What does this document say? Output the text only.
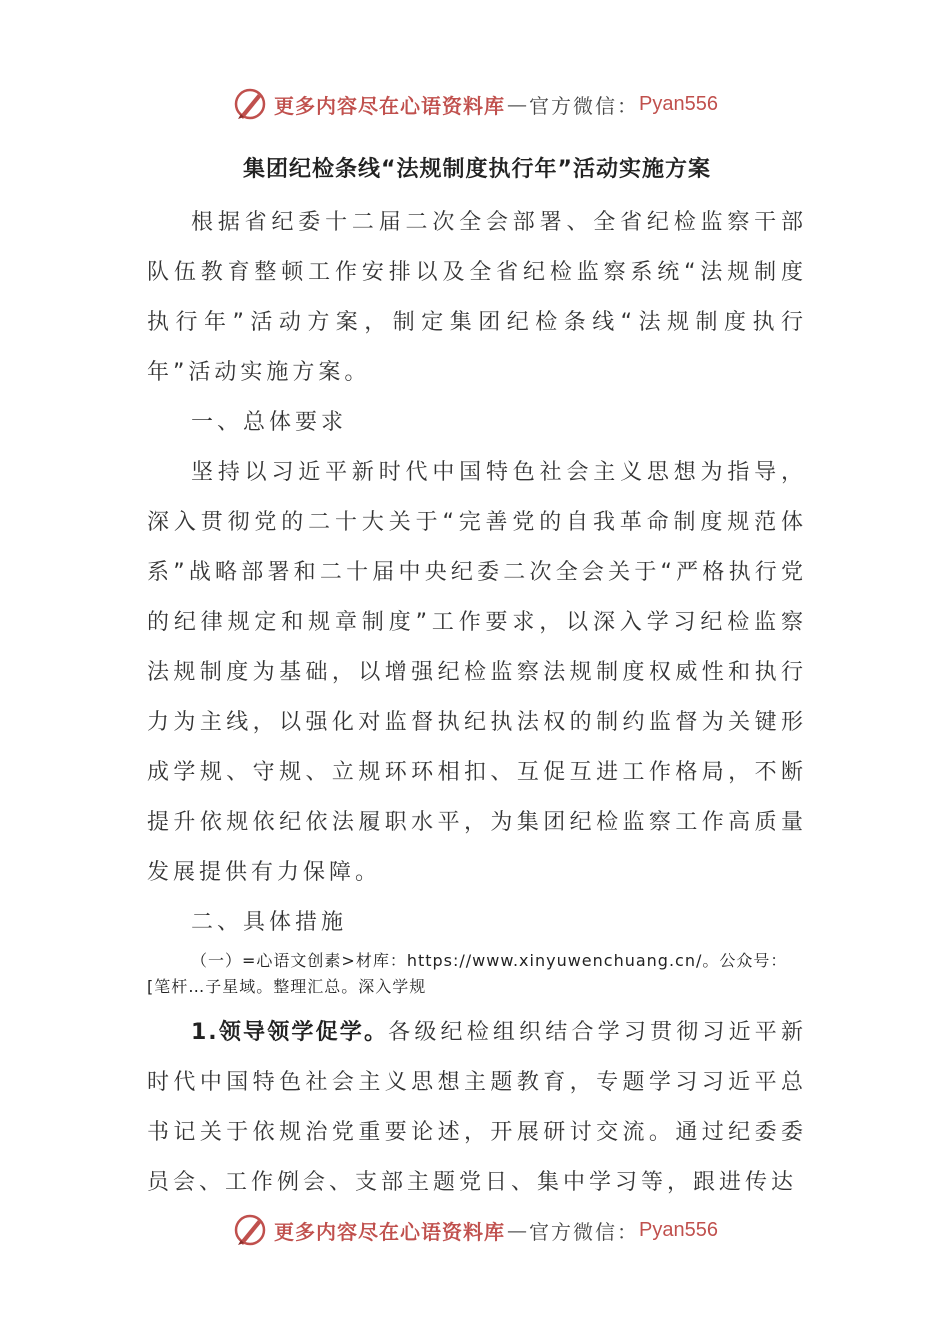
更多内容尽在心语资料库 — 官方微信： Pyan556
集团纪检条线“法规制度执行年”活动实施方案

根据省纪委十二届二次全会部署、全省纪检监察干部队伍教育整顿工作安排以及全省纪检监察系统“法规制度执行年”活动方案，制定集团纪检条线“法规制度执行年”活动实施方案。

一、总体要求

坚持以习近平新时代中国特色社会主义思想为指导，深入贯彻党的二十大关于“完善党的自我革命制度规范体系”战略部署和二十届中央纪委二次全会关于“严格执行党的纪律规定和规章制度”工作要求，以深入学习纪检监察法规制度为基础，以增强纪检监察法规制度权威性和执行力为主线，以强化对监督执纪执法权的制约监督为关键形成学规、守规、立规环环相扣、互促互进工作格局，不断提升依规依纪依法履职水平，为集团纪检监察工作高质量发展提供有力保障。

二、具体措施

（一）=心语文创素>材库：https://www.xinyuwenchuang.cn/。公众号：[笔杆…子星域。整理汇总。深入学规

1.领导领学促学。各级纪检组织结合学习贯彻习近平新时代中国特色社会主义思想主题教育，专题学习习近平总书记关于依规治党重要论述，开展研讨交流。通过纪委委员会、工作例会、支部主题党日、集中学习等，跟进传达

更多内容尽在心语资料库 — 官方微信： Pyan556
